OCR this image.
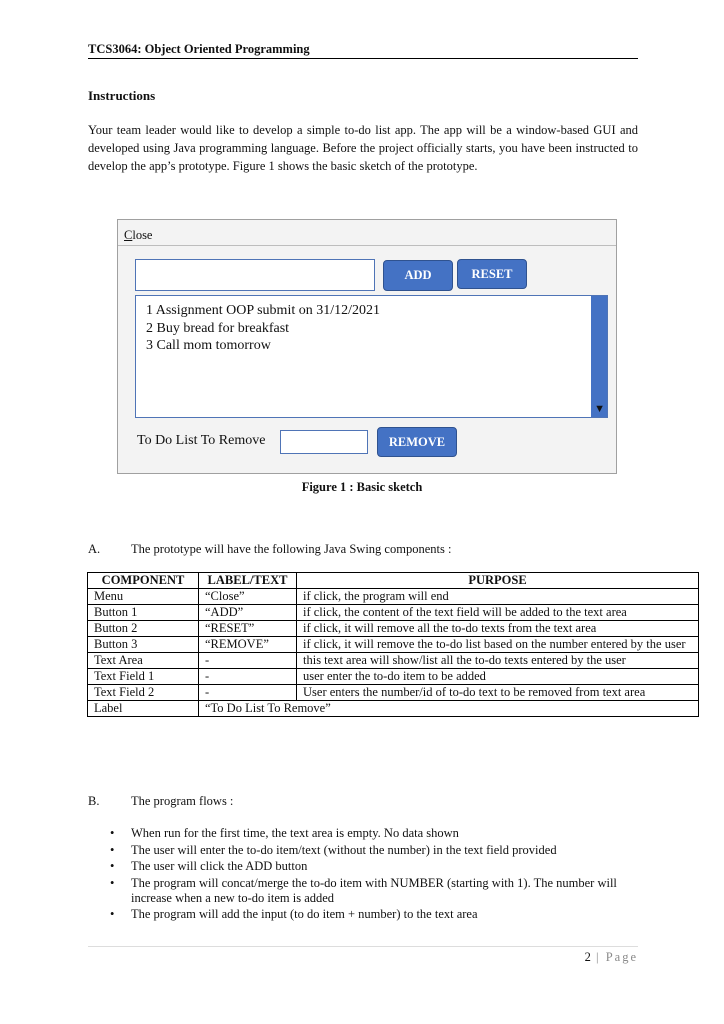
TCS3064: Object Oriented Programming
Instructions
Your team leader would like to develop a simple to-do list app. The app will be a window-based GUI and developed using Java programming language. Before the project officially starts, you have been instructed to develop the app’s prototype. Figure 1 shows the basic sketch of the prototype.
Close
ADD	RESET
1 Assignment OOP submit on 31/12/2021
2 Buy bread for breakfast
3 Call mom tomorrow
▼
To Do List To Remove	REMOVE
Figure 1 : Basic sketch
A. The prototype will have the following Java Swing components :
COMPONENT	LABEL/TEXT	PURPOSE
Menu	“Close”	if click, the program will end
Button 1	“ADD”	if click, the content of the text field will be added to the text area
Button 2	“RESET”	if click, it will remove all the to-do texts from the text area
Button 3	“REMOVE”	if click, it will remove the to-do list based on the number entered by the user
Text Area	-	this text area will show/list all the to-do texts entered by the user
Text Field 1	-	user enter the to-do item to be added
Text Field 2	-	User enters the number/id of to-do text to be removed from text area
Label	“To Do List To Remove”	
B.	The program flows :
• When run for the first time, the text area is empty. No data shown
• The user will enter the to-do item/text (without the number) in the text field provided
• The user will click the ADD button
• The program will concat/merge the to-do item with NUMBER (starting with 1). The number will increase when a new to-do item is added
• The program will add the input (to do item + number) to the text area
2 | Page
